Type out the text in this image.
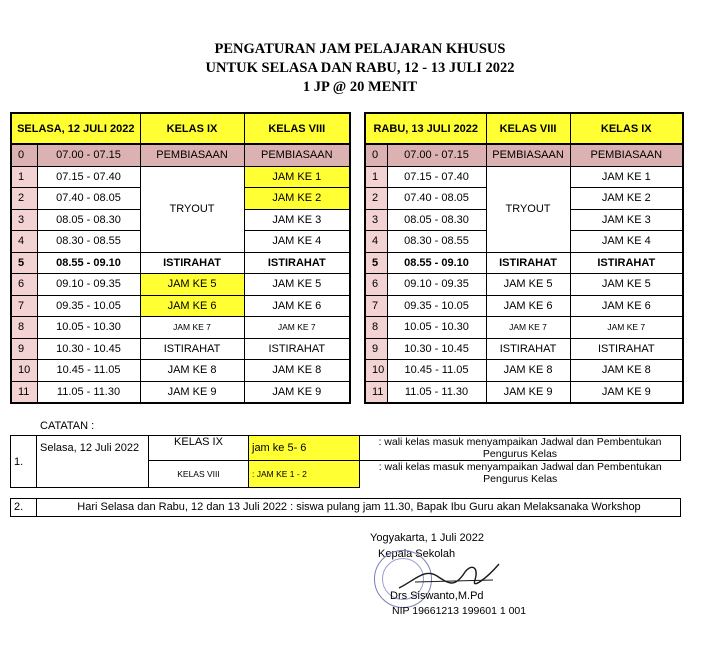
PENGATURAN JAM PELAJARAN KHUSUS
UNTUK SELASA DAN RABU, 12 - 13 JULI 2022
1 JP @ 20 MENIT
SELASA, 12 JULI 2022		KELAS IX	KELAS VIII
0	07.00 - 07.15	PEMBIASAAN	PEMBIASAAN
1	07.15 - 07.40	TRYOUT	JAM KE 1
2	07.40 - 08.05		JAM KE 2
3	08.05 - 08.30		JAM KE 3
4	08.30 - 08.55		JAM KE 4
5	08.55 - 09.10	ISTIRAHAT	ISTIRAHAT
6	09.10 - 09.35	JAM KE 5	JAM KE 5
7	09.35 - 10.05	JAM KE 6	JAM KE 6
8	10.05 - 10.30	JAM KE 7	JAM KE 7
9	10.30 - 10.45	ISTIRAHAT	ISTIRAHAT
10	10.45 - 11.05	JAM KE 8	JAM KE 8
11	11.05 - 11.30	JAM KE 9	JAM KE 9
RABU, 13 JULI 2022		KELAS VIII	KELAS IX
0	07.00 - 07.15	PEMBIASAAN	PEMBIASAAN
1	07.15 - 07.40	TRYOUT	JAM KE 1
2	07.40 - 08.05		JAM KE 2
3	08.05 - 08.30		JAM KE 3
4	08.30 - 08.55		JAM KE 4
5	08.55 - 09.10	ISTIRAHAT	ISTIRAHAT
6	09.10 - 09.35	JAM KE 5	JAM KE 5
7	09.35 - 10.05	JAM KE 6	JAM KE 6
8	10.05 - 10.30	JAM KE 7	JAM KE 7
9	10.30 - 10.45	ISTIRAHAT	ISTIRAHAT
10	10.45 - 11.05	JAM KE 8	JAM KE 8
11	11.05 - 11.30	JAM KE 9	JAM KE 9
CATATAN :
1.	Selasa, 12 Juli 2022	KELAS IX	jam ke 5- 6	: wali kelas masuk menyampaikan Jadwal dan Pembentukan Pengurus Kelas
		KELAS VIII	: JAM KE 1 - 2	: wali kelas masuk menyampaikan Jadwal dan Pembentukan Pengurus Kelas
2.	Hari Selasa dan Rabu, 12 dan 13 Juli 2022 : siswa pulang jam 11.30, Bapak Ibu Guru akan Melaksanaka Workshop
Yogyakarta, 1 Juli 2022
Kepala Sekolah
Drs Siswanto,M.Pd
NIP 19661213 199601 1 001
